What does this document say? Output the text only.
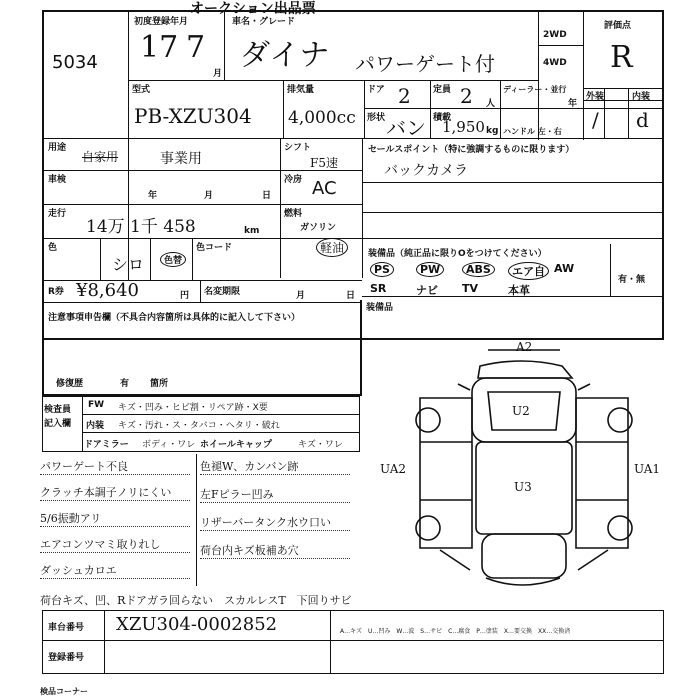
オークション出品票
5034
初度登録年月
17 7
月
車名・グレード
ダイナ パワーゲート付
2WD
4WD
評価点
R
型式
PB-XZU304
排気量
4,000cc
ドア 2 定員 2 人
形状 バン 積載
1,950 kg
ディーラー・並行
年
ハンドル 左・右
外装	内装
/ d
用途
自家用	事業用
シフト
F5速
セールスポイント（特に強調するものに限ります）
バックカメラ
車検
年	月	日
冷房 AC
走行
14万 1千 458	km
燃料
ガソリン
軽油
色
シロ	色替
色コード
装備品（純正品に限りOをつけてください）
PS	PW	ABS	エア自 AW
SR	ナビ TV	本革
有・無
R券 ¥8,640	円 名変期限	月	日
装備品
注意事項申告欄（不具合内容箇所は具体的に記入して下さい）
修復歴	有 箇所
検査員
記入欄
FW キズ・凹み・ヒビ割・リペア跡・X要
内装 キズ・汚れ・ス・タバコ・ヘタリ・破れ
ドアミラー ボディ・ワレ ホイールキャップ	キズ・ワレ
パワーゲート不良
クラッチ本調子ノリにくい
5/6振動アリ
エアコンツマミ取りれし
ダッシュカロエ
色褪W、カンバン跡
左Fピラー凹み
リザーバータンク水ウ口い
荷台内キズ板補あ穴
荷台キズ、凹、Rドアガラ回らない　スカルレスT　下回りサビ
A2
UA2	UA1
U2
U3
車台番号 XZU304-0002852
登録番号
A…キズ　U…凹み　W…波　S…サビ　C…腐食　P…塗装　X…要交換　XX…交換済
検品コーナー
